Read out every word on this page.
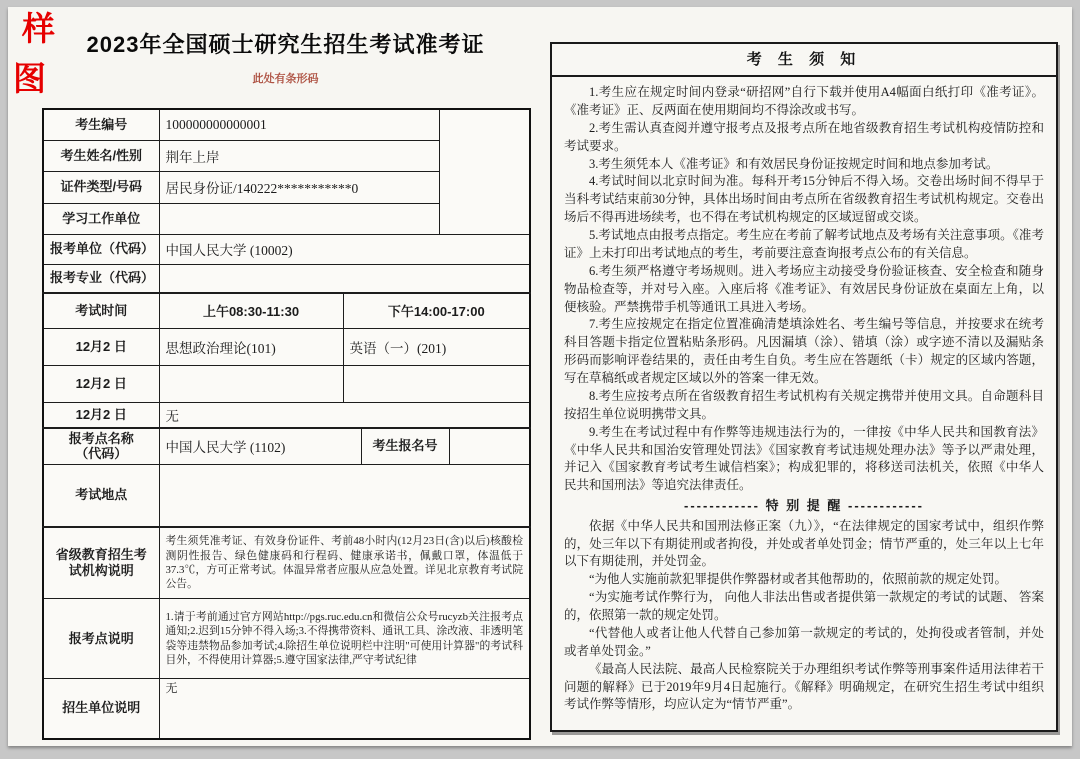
样
图
2023年全国硕士研究生招生考试准考证
此处有条形码
考生编号	100000000000001				
考生姓名/性别	荆年上岸				
证件类型/号码	居民身份证/140222***********0				
学习工作单位					
报考单位（代码）	中国人民大学 (10002)				
报考专业（代码）					
考试时间	上午08:30-11:30	下午14:00-17:00			
12月2 日	思想政治理论(101)	英语（一）(201)			
12月2 日					
12月2 日	无				

报考点名称
（代码）	中国人民大学 (1102)		考生报名号		
考试地点					
省级教育招生考试机构说明	考生须凭准考证、有效身份证件、考前48小时内(12月23日(含)以后)核酸检测阴性报告、绿色健康码和行程码、健康承诺书，佩戴口罩，体温低于37.3℃，方可正常考试。体温异常者应服从应急处置。详见北京教育考试院公告。				
报考点说明	1.请于考前通过官方网站http://pgs.ruc.edu.cn和微信公众号rucyzb关注报考点通知;2.迟到15分钟不得入场;3.不得携带资料、通讯工具、涂改液、非透明笔袋等违禁物品参加考试;4.除招生单位说明栏中注明"可使用计算器"的考试科目外，不得使用计算器;5.遵守国家法律,严守考试纪律				
招生单位说明	无				
考 生 须 知

1.考生应在规定时间内登录“研招网”自行下载并使用A4幅面白纸打印《准考证》。《准考证》正、反两面在使用期间均不得涂改或书写。

2.考生需认真查阅并遵守报考点及报考点所在地省级教育招生考试机构疫情防控和考试要求。

3.考生须凭本人《准考证》和有效居民身份证按规定时间和地点参加考试。

4.考试时间以北京时间为准。每科开考15分钟后不得入场。交卷出场时间不得早于当科考试结束前30分钟，具体出场时间由考点所在省级教育招生考试机构规定。交卷出场后不得再进场续考，也不得在考试机构规定的区域逗留或交谈。

5.考试地点由报考点指定。考生应在考前了解考试地点及考场有关注意事项。《准考证》上未打印出考试地点的考生，考前要注意查询报考点公布的有关信息。

6.考生须严格遵守考场规则。进入考场应主动接受身份验证核查、安全检查和随身物品检查等，并对号入座。入座后将《准考证》、有效居民身份证放在桌面左上角，以便核验。严禁携带手机等通讯工具进入考场。

7.考生应按规定在指定位置准确清楚填涂姓名、考生编号等信息，并按要求在统考科目答题卡指定位置粘贴条形码。凡因漏填（涂）、错填（涂）或字迹不清以及漏贴条形码而影响评卷结果的，责任由考生自负。考生应在答题纸（卡）规定的区域内答题，写在草稿纸或者规定区域以外的答案一律无效。

8.考生应按考点所在省级教育招生考试机构有关规定携带并使用文具。自命题科目按招生单位说明携带文具。

9.考生在考试过程中有作弊等违规违法行为的，一律按《中华人民共和国教育法》《中华人民共和国治安管理处罚法》《国家教育考试违规处理办法》等予以严肃处理，并记入《国家教育考试考生诚信档案》；构成犯罪的，将移送司法机关，依照《中华人民共和国刑法》等追究法律责任。

------------ 特 别 提 醒 ------------

依据《中华人民共和国刑法修正案（九）》，“在法律规定的国家考试中，组织作弊的，处三年以下有期徒刑或者拘役，并处或者单处罚金；情节严重的，处三年以上七年以下有期徒刑，并处罚金。

“为他人实施前款犯罪提供作弊器材或者其他帮助的，依照前款的规定处罚。

“为实施考试作弊行为， 向他人非法出售或者提供第一款规定的考试的试题、 答案的，依照第一款的规定处罚。

“代替他人或者让他人代替自己参加第一款规定的考试的，处拘役或者管制，并处或者单处罚金。”

《最高人民法院、最高人民检察院关于办理组织考试作弊等刑事案件适用法律若干问题的解释》已于2019年9月4日起施行。《解释》明确规定，在研究生招生考试中组织考试作弊等情形，均应认定为“情节严重”。
